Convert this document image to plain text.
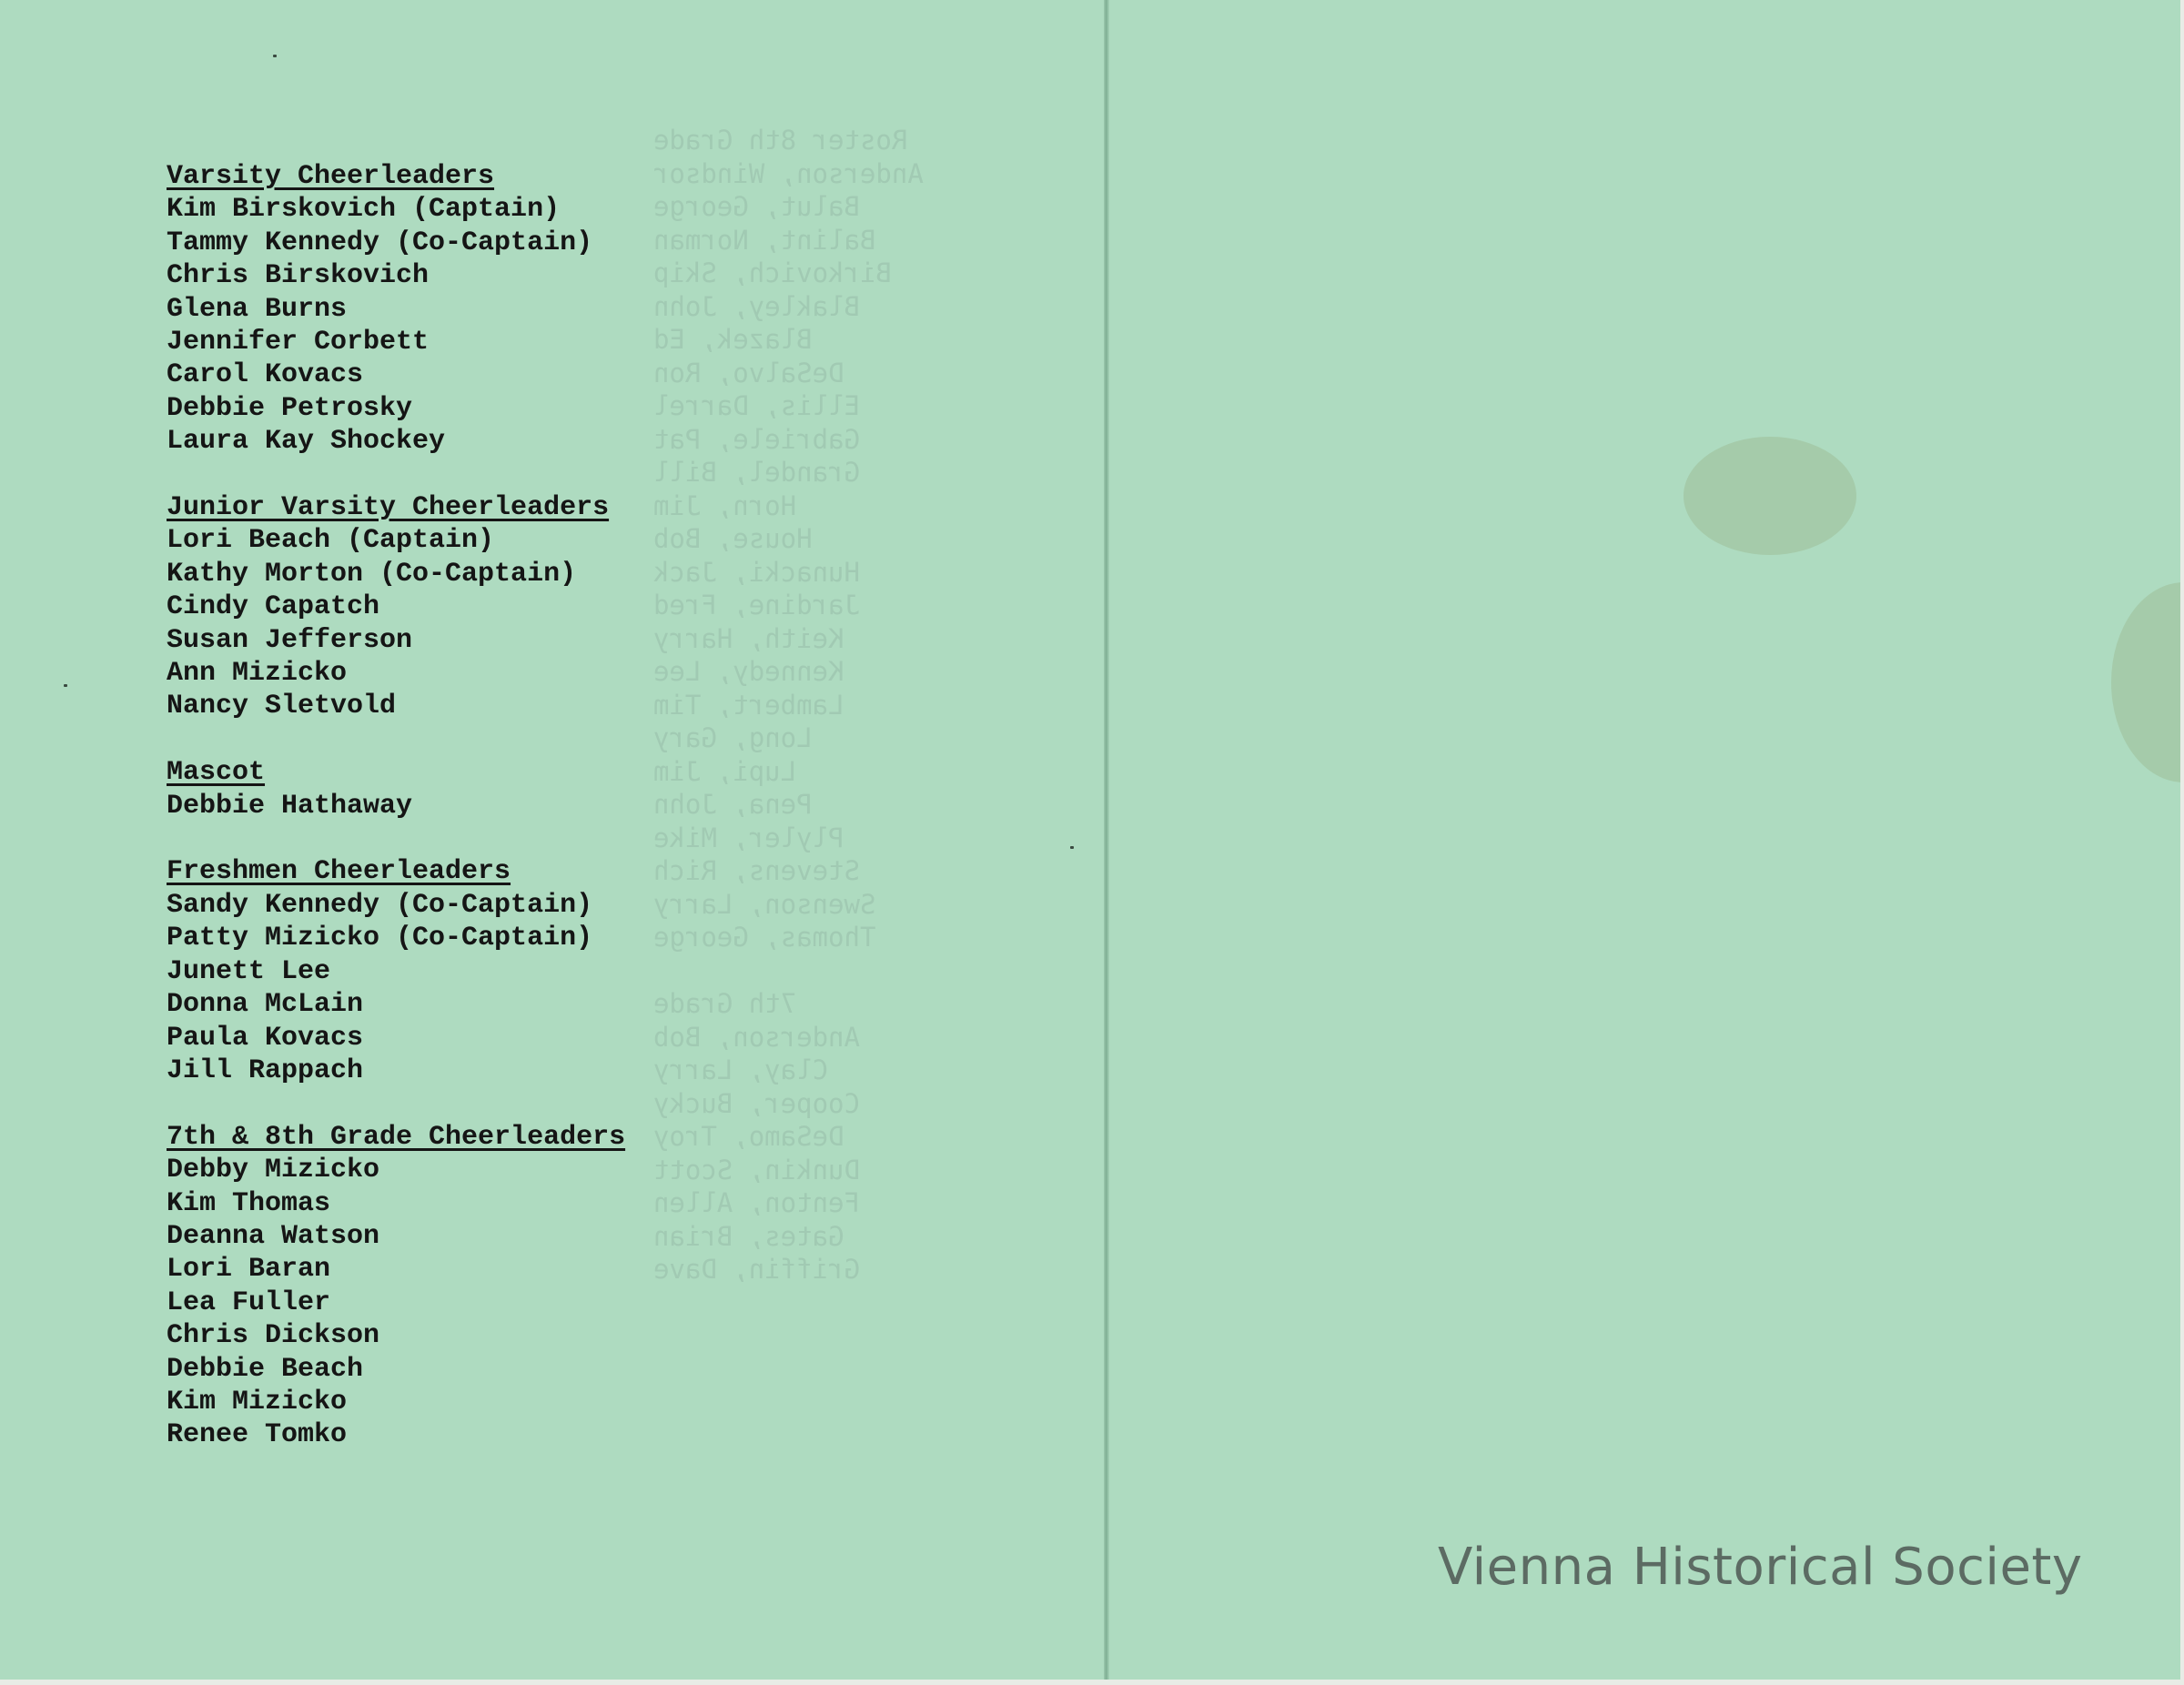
Roster 8th Grade
Anderson, Windsor
Balut, George
Balint, Norman
Birkovich, Skip
Blakley, John
Blazek, Ed
DeSalvo, Ron
Ellis, Darrel
Gabriele, Pat
Grandel, Bill
Horn, Jim
House, Bob
Hunacki, Jack
Jardine, Fred
Keith, Harry
Kennedy, Lee
Lambert, Tim
Long, Gary
Lupi, Jim
Pena, John
Plyler, Mike
Stevens, Rich
Swenson, Larry
Thomas, George

7th Grade
Anderson, Bob
Clay, Larry
Cooper, Bucky
DeSamo, Troy
Dunkin, Scott
Fenton, Allen
Gates, Brian
Griffin, Dave
Varsity Cheerleaders
Kim Birskovich (Captain)
Tammy Kennedy (Co-Captain)
Chris Birskovich
Glena Burns
Jennifer Corbett
Carol Kovacs
Debbie Petrosky
Laura Kay Shockey
Junior Varsity Cheerleaders
Lori Beach (Captain)
Kathy Morton (Co-Captain)
Cindy Capatch
Susan Jefferson
Ann Mizicko
Nancy Sletvold
Mascot
Debbie Hathaway
Freshmen Cheerleaders
Sandy Kennedy (Co-Captain)
Patty Mizicko (Co-Captain)
Junett Lee
Donna McLain
Paula Kovacs
Jill Rappach
7th & 8th Grade Cheerleaders
Debby Mizicko
Kim Thomas
Deanna Watson
Lori Baran
Lea Fuller
Chris Dickson
Debbie Beach
Kim Mizicko
Renee Tomko
Vienna Historical Society
